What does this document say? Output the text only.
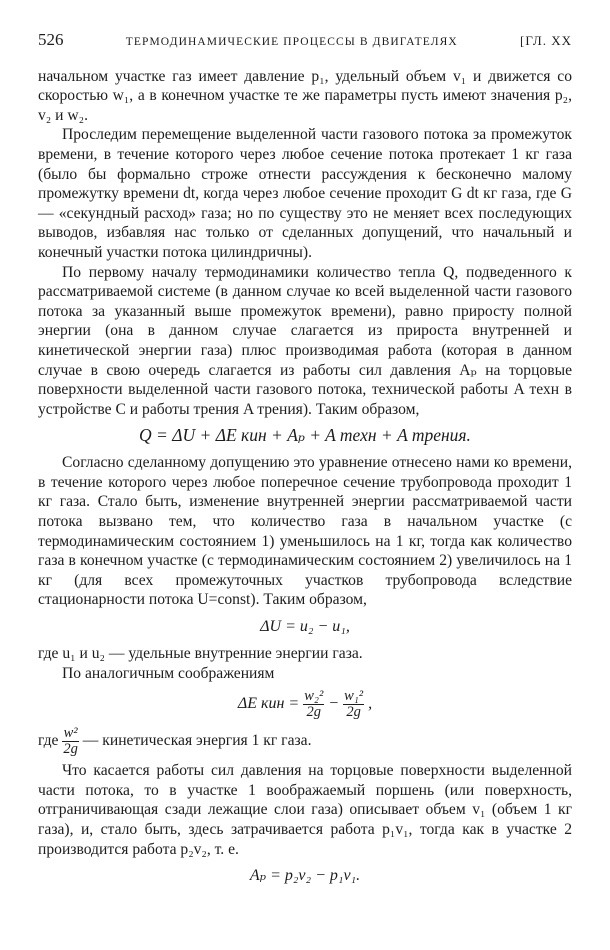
526	ТЕРМОДИНАМИЧЕСКИЕ ПРОЦЕССЫ В ДВИГАТЕЛЯХ	[ГЛ. XX

начальном участке газ имеет давление p₁, удельный объем v₁ и движется со скоростью w₁, а в конечном участке те же параметры пусть имеют значения p₂, v₂ и w₂.

Проследим перемещение выделенной части газового потока за промежуток времени, в течение которого через любое сечение потока протекает 1 кг газа (было бы формально строже отнести рассуждения к бесконечно малому промежутку времени dt, когда через любое сечение проходит G dt кг газа, где G — «секундный расход» газа; но по существу это не меняет всех последующих выводов, избавляя нас только от сделанных допущений, что начальный и конечный участки потока цилиндричны).

По первому началу термодинамики количество тепла Q, подведенного к рассматриваемой системе (в данном случае ко всей выделенной части газового потока за указанный выше промежуток времени), равно приросту полной энергии (она в данном случае слагается из прироста внутренней и кинетической энергии газа) плюс производимая работа (которая в данном случае в свою очередь слагается из работы сил давления Aₚ на торцовые поверхности выделенной части газового потока, технической работы A техн в устройстве C и работы трения A трения). Таким образом,

Q = ΔU + ΔE кин + Aₚ + A техн + A трения.

Согласно сделанному допущению это уравнение отнесено нами ко времени, в течение которого через любое поперечное сечение трубопровода проходит 1 кг газа. Стало быть, изменение внутренней энергии рассматриваемой части потока вызвано тем, что количество газа в начальном участке (с термодинамическим состоянием 1) уменьшилось на 1 кг, тогда как количество газа в конечном участке (с термодинамическим состоянием 2) увеличилось на 1 кг (для всех промежуточных участков трубопровода вследствие стационарности потока U=const). Таким образом,

ΔU = u₂ − u₁,

где u₁ и u₂ — удельные внутренние энергии газа.

По аналогичным соображениям

ΔE кин = $\frac{\text{w₂²}}{2g} - \frac{\text{w₁²}}{2g}$ ,

где $\frac{\text{w²}}{2g}$ — кинетическая энергия 1 кг газа.

Что касается работы сил давления на торцовые поверхности выделенной части потока, то в участке 1 воображаемый поршень (или поверхность, отграничивающая сзади лежащие слои газа) описывает объем v₁ (объем 1 кг газа), и, стало быть, здесь затрачивается работа p₁v₁, тогда как в участке 2 производится работа p₂v₂, т. е.

Aₚ = p₂v₂ − p₁v₁.
